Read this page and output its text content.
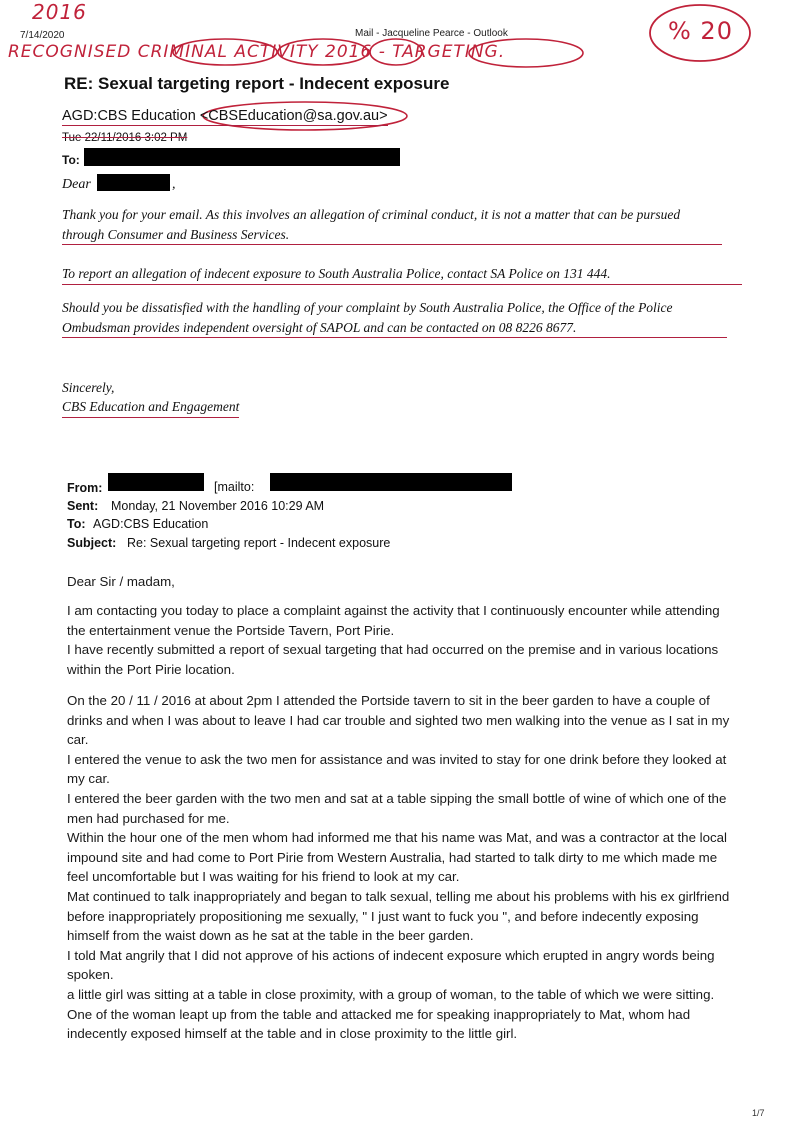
2016
7/14/2020	Mail - Jacqueline Pearce - Outlook
RECOGNISED CRIMINAL ACTIVITY 2016 - TARGETING.
% 20
RE: Sexual targeting report - Indecent exposure
AGD:CBS Education <CBSEducation@sa.gov.au>
Tue 22/11/2016 3:02 PM
To:
Dear	,
Thank you for your email. As this involves an allegation of criminal conduct, it is not a matter that can be pursued through Consumer and Business Services.
To report an allegation of indecent exposure to South Australia Police, contact SA Police on 131 444.
Should you be dissatisfied with the handling of your complaint by South Australia Police, the Office of the Police Ombudsman provides independent oversight of SAPOL and can be contacted on 08 8226 8677.
Sincerely,
CBS Education and Engagement
From:	[mailto:
Sent: Monday, 21 November 2016 10:29 AM
To: AGD:CBS Education
Subject: Re: Sexual targeting report - Indecent exposure
Dear Sir / madam,
I am contacting you today to place a complaint against the activity that I continuously encounter while attending the entertainment venue the Portside Tavern, Port Pirie.
I have recently submitted a report of sexual targeting that had occurred on the premise and in various locations within the Port Pirie location.
On the 20 / 11 / 2016 at about 2pm I attended the Portside tavern to sit in the beer garden to have a couple of drinks and when I was about to leave I had car trouble and sighted two men walking into the venue as I sat in my car.
I entered the venue to ask the two men for assistance and was invited to stay for one drink before they looked at my car.
I entered the beer garden with the two men and sat at a table sipping the small bottle of wine of which one of the men had purchased for me.
Within the hour one of the men whom had informed me that his name was Mat, and was a contractor at the local impound site and had come to Port Pirie from Western Australia, had started to talk dirty to me which made me feel uncomfortable but I was waiting for his friend to look at my car.
Mat continued to talk inappropriately and began to talk sexual, telling me about his problems with his ex girlfriend before inappropriately propositioning me sexually, " I just want to fuck you ", and before indecently exposing himself from the waist down as he sat at the table in the beer garden.
I told Mat angrily that I did not approve of his actions of indecent exposure which erupted in angry words being spoken.
a little girl was sitting at a table in close proximity, with a group of woman, to the table of which we were sitting.
One of the woman leapt up from the table and attacked me for speaking inappropriately to Mat, whom had indecently exposed himself at the table and in close proximity to the little girl.
1/7
